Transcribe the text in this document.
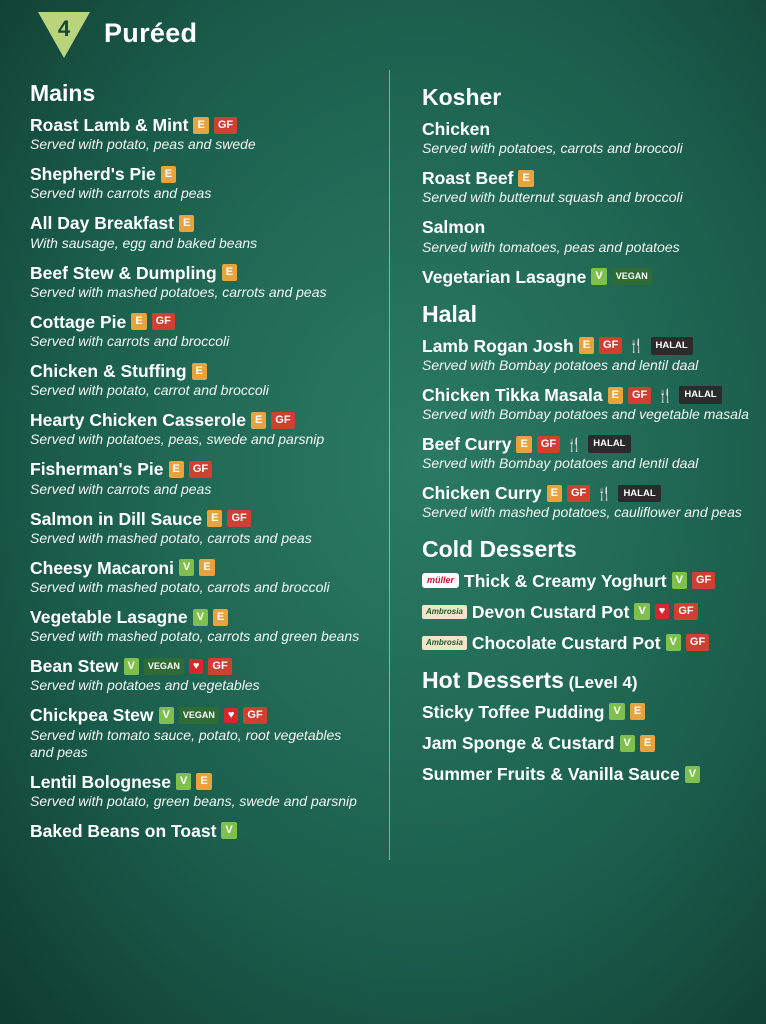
4	Puréed
Mains
Roast Lamb & Mint E	GF
Served with potato, peas and swede
Shepherd's Pie E
Served with carrots and peas
All Day Breakfast E
With sausage, egg and baked beans
Beef Stew & Dumpling E
Served with mashed potatoes, carrots and peas
Cottage Pie E	GF
Served with carrots and broccoli
Chicken & Stuffing E
Served with potato, carrot and broccoli
Hearty Chicken Casserole E	GF
Served with potatoes, peas, swede and parsnip
Fisherman's Pie E	GF
Served with carrots and peas
Salmon in Dill Sauce E	GF
Served with mashed potato, carrots and peas
Cheesy Macaroni V	E
Served with mashed potato, carrots and broccoli
Vegetable Lasagne V	E
Served with mashed potato, carrots and green beans
Bean Stew V	VEGAN	♥	GF
Served with potatoes and vegetables
Chickpea Stew V	VEGAN	♥	GF
Served with tomato sauce, potato, root vegetables and peas
Lentil Bolognese V	E
Served with potato, green beans, swede and parsnip
Baked Beans on Toast V
Kosher
Chicken
Served with potatoes, carrots and broccoli
Roast Beef E
Served with butternut squash and broccoli
Salmon
Served with tomatoes, peas and potatoes
Vegetarian Lasagne V	VEGAN
Halal
Lamb Rogan Josh E	GF 🍴	HALAL
Served with Bombay potatoes and lentil daal
Chicken Tikka Masala E	GF 🍴	HALAL
Served with Bombay potatoes and vegetable masala
Beef Curry E	GF 🍴	HALAL
Served with Bombay potatoes and lentil daal
Chicken Curry E	GF 🍴	HALAL
Served with mashed potatoes, cauliflower and peas
Cold Desserts
müller Thick & Creamy Yoghurt V	GF
Ambrosia Devon Custard Pot V	♥	GF
Ambrosia Chocolate Custard Pot V	GF
Hot Desserts (Level 4)
Sticky Toffee Pudding V	E
Jam Sponge & Custard V	E
Summer Fruits & Vanilla Sauce V
